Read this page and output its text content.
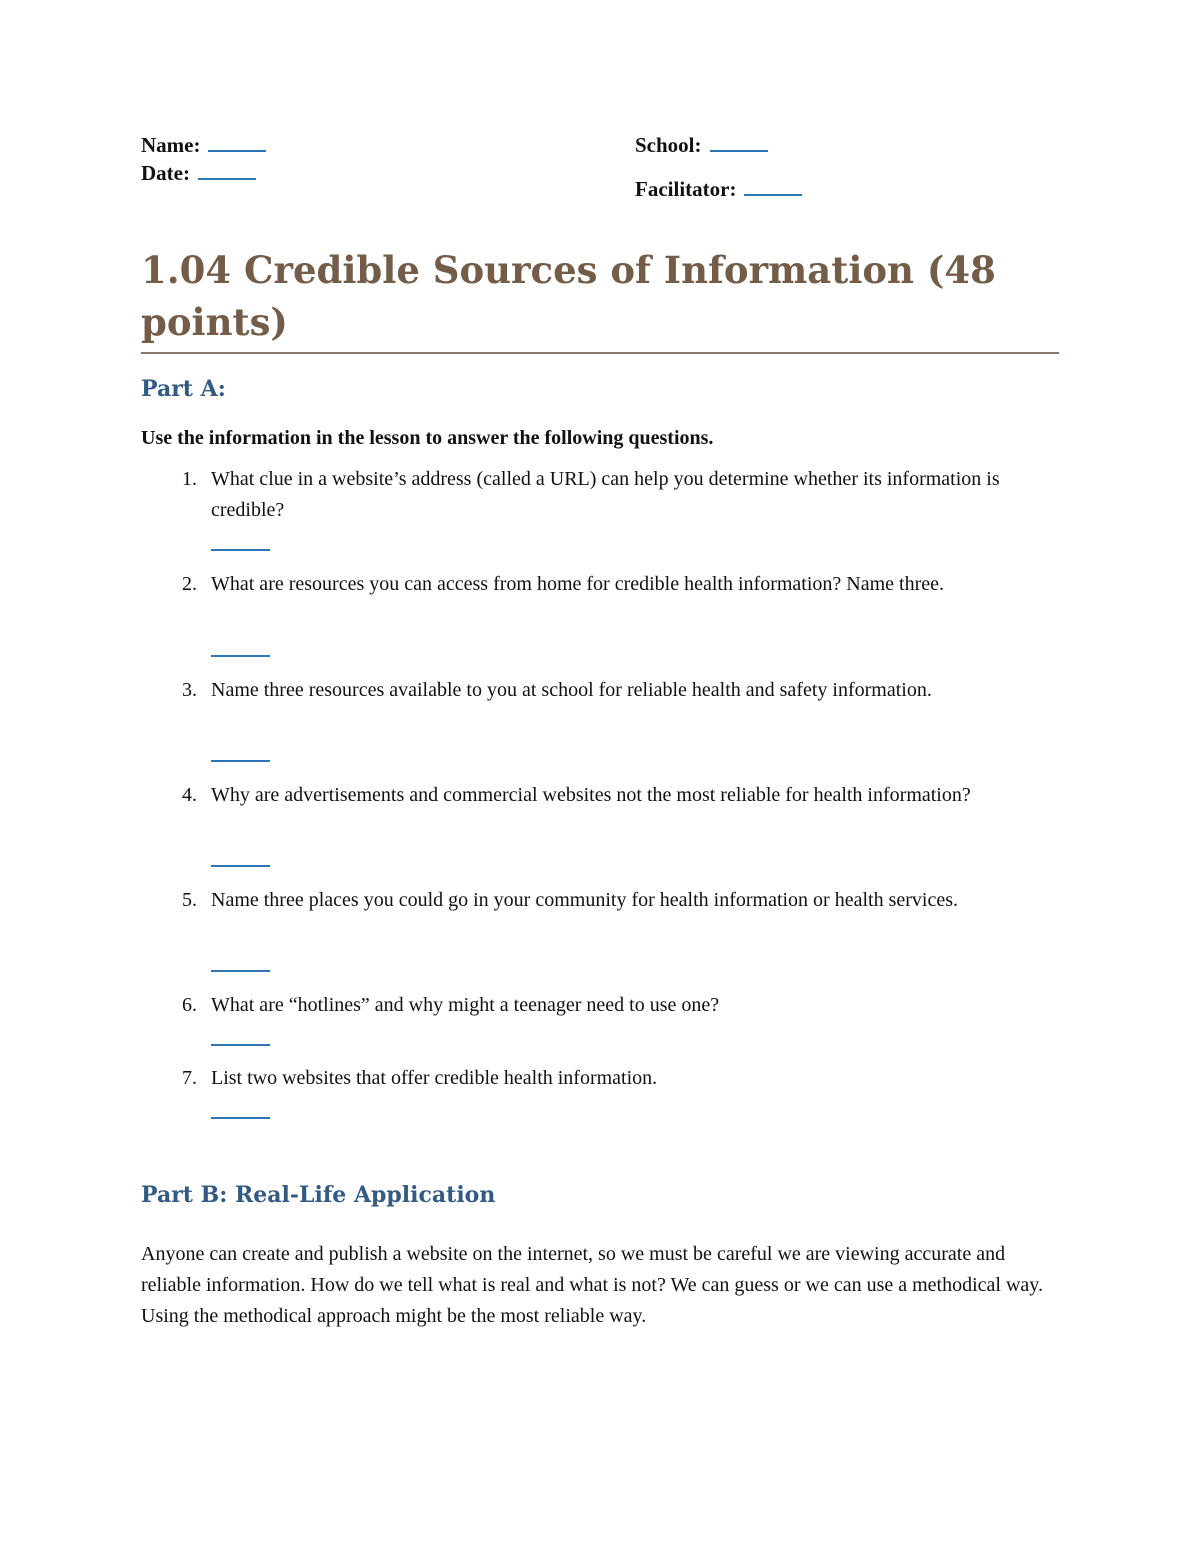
Name:
Date:
School:
Facilitator:
1.04 Credible Sources of Information (48 points)
Part A:

Use the information in the lesson to answer the following questions.

1. What clue in a website’s address (called a URL) can help you determine whether its information is credible?
2. What are resources you can access from home for credible health information? Name three.
3. Name three resources available to you at school for reliable health and safety information.
4. Why are advertisements and commercial websites not the most reliable for health information?
5. Name three places you could go in your community for health information or health services.
6. What are “hotlines” and why might a teenager need to use one?
7. List two websites that offer credible health information.
Part B: Real-Life Application

Anyone can create and publish a website on the internet, so we must be careful we are viewing accurate and reliable information. How do we tell what is real and what is not? We can guess or we can use a methodical way. Using the methodical approach might be the most reliable way.
